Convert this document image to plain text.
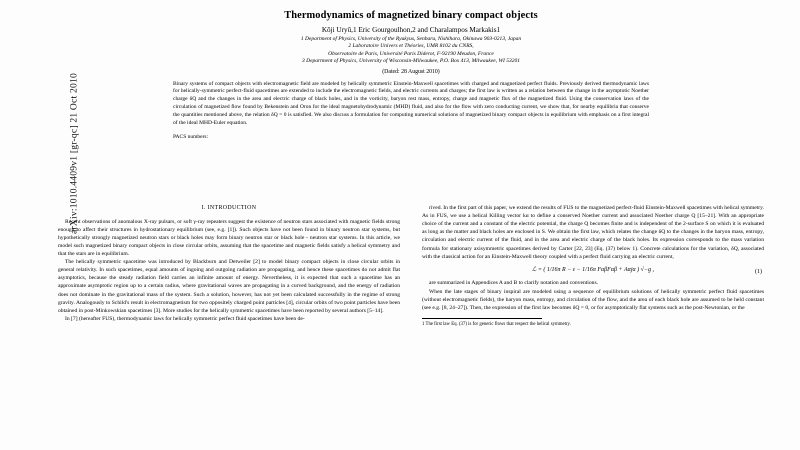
arXiv:1010.4409v1 [gr-qc] 21 Oct 2010
Thermodynamics of magnetized binary compact objects
Kōji Uryū,1 Eric Gourgoulhon,2 and Charalampos Markakis1
1 Department of Physics, University of the Ryukyus, Senbaru, Nishihara, Okinawa 903-0213, Japan
2 Laboratoire Univers et Théories, UMR 8102 du CNRS,
Observatoire de Paris, Université Paris Diderot, F-92190 Meudon, France
3 Department of Physics, University of Wisconsin-Milwaukee, P.O. Box 413, Milwaukee, WI 53201
(Dated: 28 August 2010)
Binary systems of compact objects with electromagnetic field are modeled by helically symmetric Einstein-Maxwell spacetimes with charged and magnetized perfect fluids. Previously derived thermodynamic laws for helically-symmetric perfect-fluid spacetimes are extended to include the electromagnetic fields, and electric currents and charges; the first law is written as a relation between the change in the asymptotic Noether charge δQ and the changes in the area and electric charge of black holes, and in the vorticity, baryon rest mass, entropy, charge and magnetic flux of the magnetized fluid. Using the conservation laws of the circulation of magnetized flow found by Bekenstein and Oron for the ideal magnetohydrodynamic (MHD) fluid, and also for the flow with zero conducting current, we show that, for nearby equilibria that conserve the quantities mentioned above, the relation δQ = 0 is satisfied. We also discuss a formulation for computing numerical solutions of magnetized binary compact objects in equilibrium with emphasis on a first integral of the ideal MHD-Euler equation.
PACS numbers:
I. INTRODUCTION

Recent observations of anomalous X-ray pulsars, or soft γ-ray repeaters suggest the existence of neutron stars associated with magnetic fields strong enough to affect their structures in hydrostationary equilibrium (see, e.g. [1]). Such objects have not been found in binary neutron star systems, but hypothetically strongly magnetized neutron stars or black holes may form binary neutron star or black hole - neutron star systems. In this article, we model such magnetized binary compact objects in close circular orbits, assuming that the spacetime and magnetic fields satisfy a helical symmetry and that the stars are in equilibrium.

The helically symmetric spacetime was introduced by Blackburn and Detweiler [2] to model binary compact objects in close circular orbits in general relativity. In such spacetimes, equal amounts of ingoing and outgoing radiation are propagating, and hence these spacetimes do not admit flat asymptotics, because the steady radiation field carries an infinite amount of energy. Nevertheless, it is expected that such a spacetime has an approximate asymptotic region up to a certain radius, where gravitational waves are propagating in a curved background, and the energy of radiation does not dominate in the gravitational mass of the system. Such a solution, however, has not yet been calculated successfully in the regime of strong gravity. Analogously to Schild's result in electromagnetism for two oppositely charged point particles [4], circular orbits of two point particles have been obtained in post-Minkowskian spacetimes [3]. More studies for the helically symmetric spacetimes have been reported by several authors [5–14].

In [7] (hereafter FUS), thermodynamic laws for helically symmetric perfect fluid spacetimes have been de-

rived. In the first part of this paper, we extend the results of FUS to the magnetized perfect-fluid Einstein-Maxwell spacetimes with helical symmetry. As in FUS, we use a helical Killing vector kα to define a conserved Noether current and associated Noether charge Q [15–21]. With an appropriate choice of the current and a constant of the electric potential, the charge Q becomes finite and is independent of the 2-surface S on which it is evaluated as long as the matter and black holes are enclosed in S. We obtain the first law, which relates the change δQ to the changes in the baryon mass, entropy, circulation and electric current of the fluid, and in the area and electric charge of the black holes. Its expression corresponds to the mass variation formula for stationary axisymmetric spacetimes derived by Carter [22, 23] (Eq. (37) below 1). Concrete calculations for the variation, δQ, associated with the classical action for an Einstein-Maxwell theory coupled with a perfect fluid carrying an electric current,

ℒ = ( 1/16π R − ε − 1/16π FαβFαβ + Aαjα ) √−g ,	(1)

are summarized in Appendices A and B to clarify notation and conventions.

When the late stages of binary inspiral are modeled using a sequence of equilibrium solutions of helically symmetric perfect fluid spacetimes (without electromagnetic fields), the baryon mass, entropy, and circulation of the flow, and the area of each black hole are assumed to be held constant (see e.g. [8, 24–27]). Then, the expression of the first law becomes δQ = 0, or for asymptotically flat systems such as the post-Newtonian, or the

1 The first law Eq. (37) is for generic flows that respect the helical symmetry.
